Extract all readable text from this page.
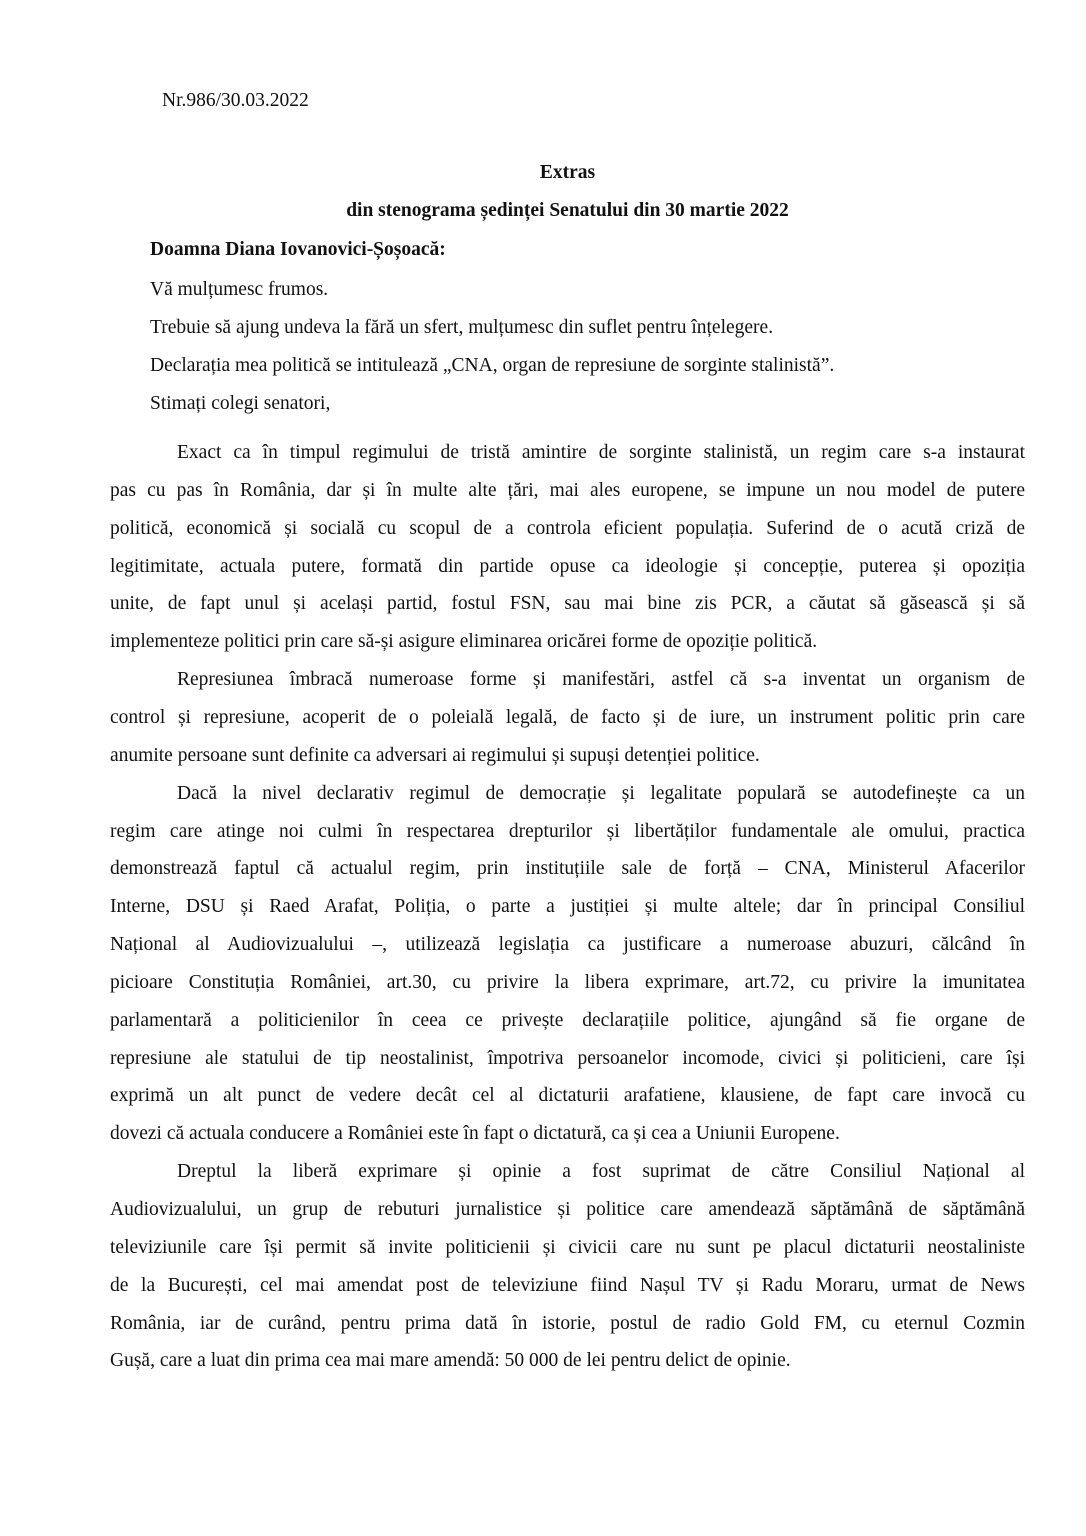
Nr.986/30.03.2022
Extras
din stenograma ședinței Senatului din 30 martie 2022
Doamna Diana Iovanovici-Șoșoacă:
Vă mulțumesc frumos.
Trebuie să ajung undeva la fără un sfert, mulțumesc din suflet pentru înțelegere.
Declarația mea politică se intitulează „CNA, organ de represiune de sorginte stalinistă”.
Stimați colegi senatori,
Exact ca în timpul regimului de tristă amintire de sorginte stalinistă, un regim care s-a instaurat
pas cu pas în România, dar și în multe alte țări, mai ales europene, se impune un nou model de putere
politică, economică și socială cu scopul de a controla eficient populația. Suferind de o acută criză de
legitimitate, actuala putere, formată din partide opuse ca ideologie și concepție, puterea și opoziția
unite, de fapt unul și același partid, fostul FSN, sau mai bine zis PCR, a căutat să găsească și să
implementeze politici prin care să-și asigure eliminarea oricărei forme de opoziție politică.
Represiunea îmbracă numeroase forme și manifestări, astfel că s-a inventat un organism de
control și represiune, acoperit de o poleială legală, de facto și de iure, un instrument politic prin care
anumite persoane sunt definite ca adversari ai regimului și supuși detenției politice.
Dacă la nivel declarativ regimul de democrație și legalitate populară se autodefinește ca un
regim care atinge noi culmi în respectarea drepturilor și libertăților fundamentale ale omului, practica
demonstrează faptul că actualul regim, prin instituțiile sale de forță – CNA, Ministerul Afacerilor
Interne, DSU și Raed Arafat, Poliția, o parte a justiției și multe altele; dar în principal Consiliul
Național al Audiovizualului –, utilizează legislația ca justificare a numeroase abuzuri, călcând în
picioare Constituția României, art.30, cu privire la libera exprimare, art.72, cu privire la imunitatea
parlamentară a politicienilor în ceea ce privește declarațiile politice, ajungând să fie organe de
represiune ale statului de tip neostalinist, împotriva persoanelor incomode, civici și politicieni, care își
exprimă un alt punct de vedere decât cel al dictaturii arafatiene, klausiene, de fapt care invocă cu
dovezi că actuala conducere a României este în fapt o dictatură, ca și cea a Uniunii Europene.
Dreptul la liberă exprimare și opinie a fost suprimat de către Consiliul Național al
Audiovizualului, un grup de rebuturi jurnalistice și politice care amendează săptămână de săptămână
televiziunile care își permit să invite politicienii și civicii care nu sunt pe placul dictaturii neostaliniste
de la București, cel mai amendat post de televiziune fiind Nașul TV și Radu Moraru, urmat de News
România, iar de curând, pentru prima dată în istorie, postul de radio Gold FM, cu eternul Cozmin
Gușă, care a luat din prima cea mai mare amendă: 50 000 de lei pentru delict de opinie.
